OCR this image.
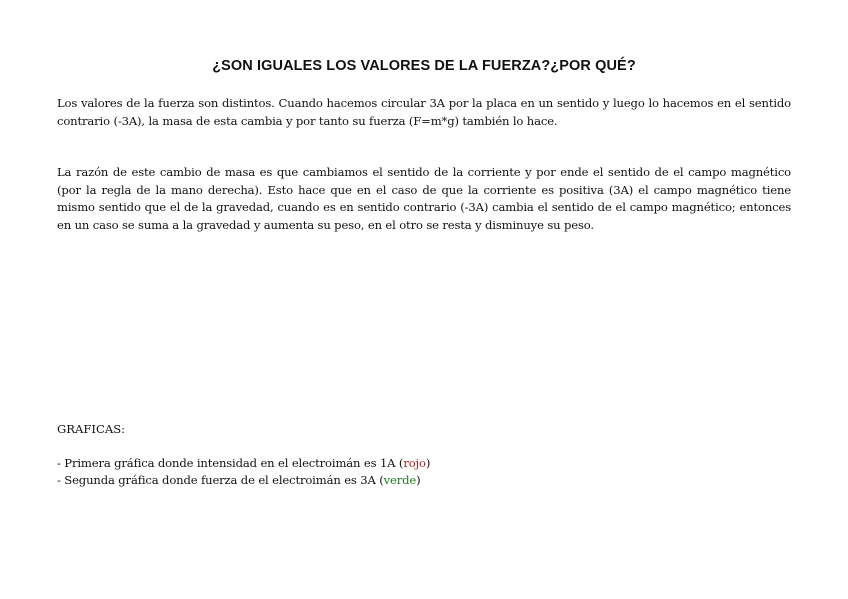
¿SON IGUALES LOS VALORES DE LA FUERZA?¿POR QUÉ?

Los valores de la fuerza son distintos. Cuando hacemos circular 3A por la placa en un sentido y luego lo hacemos en el sentido contrario (-3A), la masa de esta cambia y por tanto su fuerza (F=m*g) también lo hace.

La razón de este cambio de masa es que cambiamos el sentido de la corriente y por ende el sentido de el campo magnético (por la regla de la mano derecha). Esto hace que en el caso de que la corriente es positiva (3A) el campo magnético tiene mismo sentido que el de la gravedad, cuando es en sentido contrario (-3A) cambia el sentido de el campo magnético; entonces en un caso se suma a la gravedad y aumenta su peso, en el otro se resta y disminuye su peso.

GRAFICAS:

- Primera gráfica donde intensidad en el electroimán es 1A (rojo)
- Segunda gráfica donde fuerza de el electroimán es 3A (verde)
